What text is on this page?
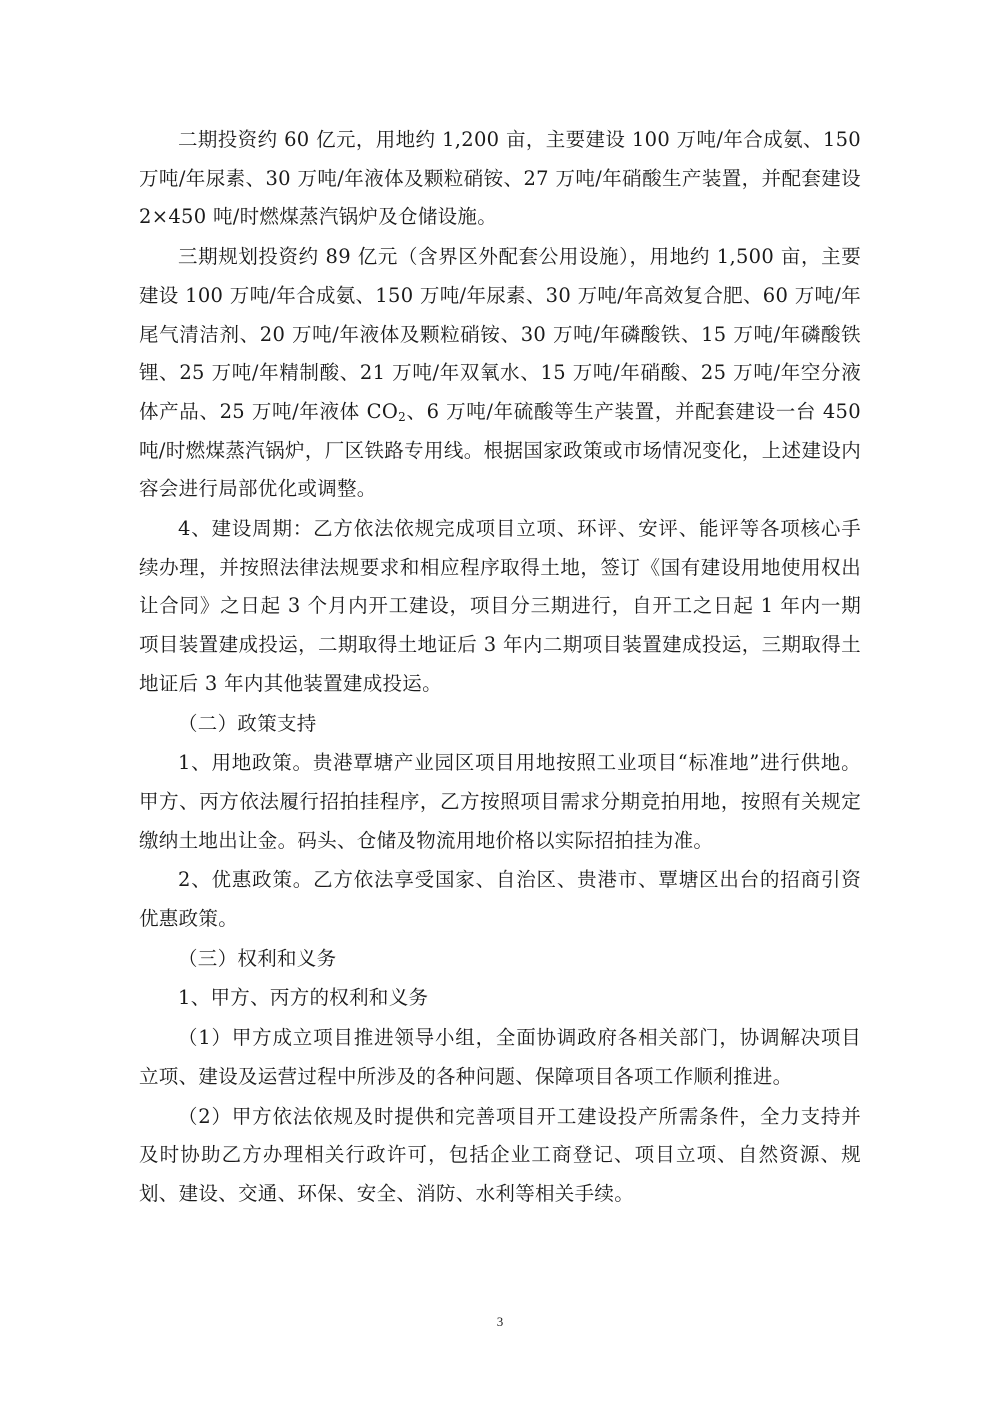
二期投资约 60 亿元，用地约 1,200 亩，主要建设 100 万吨/年合成氨、150 万吨/年尿素、30 万吨/年液体及颗粒硝铵、27 万吨/年硝酸生产装置，并配套建设 2×450 吨/时燃煤蒸汽锅炉及仓储设施。

三期规划投资约 89 亿元（含界区外配套公用设施），用地约 1,500 亩，主要建设 100 万吨/年合成氨、150 万吨/年尿素、30 万吨/年高效复合肥、60 万吨/年尾气清洁剂、20 万吨/年液体及颗粒硝铵、30 万吨/年磷酸铁、15 万吨/年磷酸铁锂、25 万吨/年精制酸、21 万吨/年双氧水、15 万吨/年硝酸、25 万吨/年空分液体产品、25 万吨/年液体 $CO_2$、6 万吨/年硫酸等生产装置，并配套建设一台 450 吨/时燃煤蒸汽锅炉，厂区铁路专用线。根据国家政策或市场情况变化，上述建设内容会进行局部优化或调整。

4、建设周期：乙方依法依规完成项目立项、环评、安评、能评等各项核心手续办理，并按照法律法规要求和相应程序取得土地，签订《国有建设用地使用权出让合同》之日起 3 个月内开工建设，项目分三期进行，自开工之日起 1 年内一期项目装置建成投运，二期取得土地证后 3 年内二期项目装置建成投运，三期取得土地证后 3 年内其他装置建成投运。

（二）政策支持

1、用地政策。贵港覃塘产业园区项目用地按照工业项目“标准地”进行供地。甲方、丙方依法履行招拍挂程序，乙方按照项目需求分期竞拍用地，按照有关规定缴纳土地出让金。码头、仓储及物流用地价格以实际招拍挂为准。

2、优惠政策。乙方依法享受国家、自治区、贵港市、覃塘区出台的招商引资优惠政策。

（三）权利和义务

1、甲方、丙方的权利和义务

（1）甲方成立项目推进领导小组，全面协调政府各相关部门，协调解决项目立项、建设及运营过程中所涉及的各种问题、保障项目各项工作顺利推进。

（2）甲方依法依规及时提供和完善项目开工建设投产所需条件，全力支持并及时协助乙方办理相关行政许可，包括企业工商登记、项目立项、自然资源、规划、建设、交通、环保、安全、消防、水利等相关手续。

3
